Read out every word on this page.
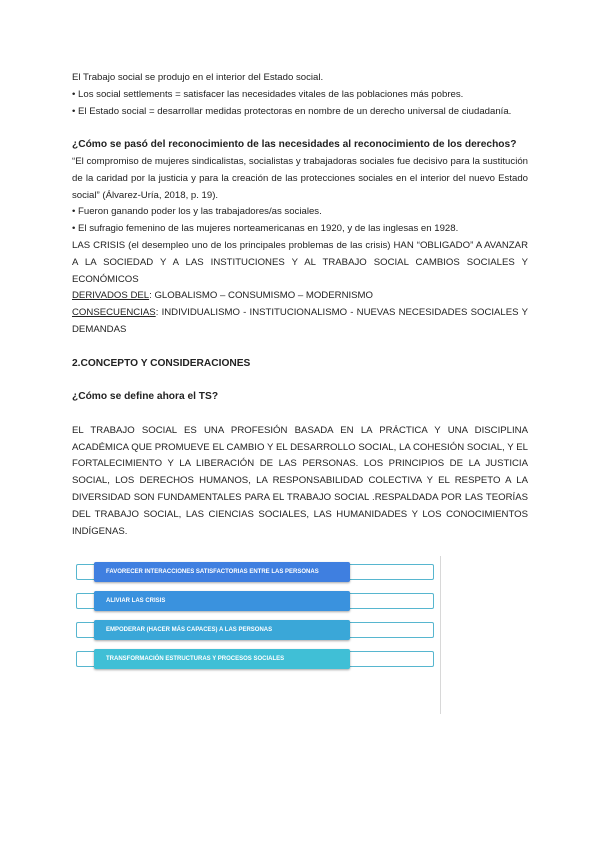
El Trabajo social se produjo en el interior del Estado social.

• Los social settlements = satisfacer las necesidades vitales de las poblaciones más pobres.

• El Estado social = desarrollar medidas protectoras en nombre de un derecho universal de ciudadanía.

¿Cómo se pasó del reconocimiento de las necesidades al reconocimiento de los derechos?

“El compromiso de mujeres sindicalistas, socialistas y trabajadoras sociales fue decisivo para la sustitución de la caridad por la justicia y para la creación de las protecciones sociales en el interior del nuevo Estado social” (Álvarez-Uría, 2018, p. 19).

• Fueron ganando poder los y las trabajadores/as sociales.

• El sufragio femenino de las mujeres norteamericanas en 1920, y de las inglesas en 1928.

LAS CRISIS (el desempleo uno de los principales problemas de las crisis) HAN “OBLIGADO” A AVANZAR A LA SOCIEDAD Y A LAS INSTITUCIONES Y AL TRABAJO SOCIAL CAMBIOS SOCIALES Y ECONÓMICOS

DERIVADOS DEL: GLOBALISMO – CONSUMISMO – MODERNISMO

CONSECUENCIAS: INDIVIDUALISMO - INSTITUCIONALISMO - NUEVAS NECESIDADES SOCIALES Y DEMANDAS

2.CONCEPTO Y CONSIDERACIONES

¿Cómo se define ahora el TS?

EL TRABAJO SOCIAL ES UNA PROFESIÓN BASADA EN LA PRÁCTICA Y UNA DISCIPLINA ACADÉMICA QUE PROMUEVE EL CAMBIO Y EL DESARROLLO SOCIAL, LA COHESIÓN SOCIAL, Y EL FORTALECIMIENTO Y LA LIBERACIÓN DE LAS PERSONAS. LOS PRINCIPIOS DE LA JUSTICIA SOCIAL, LOS DERECHOS HUMANOS, LA RESPONSABILIDAD COLECTIVA Y EL RESPETO A LA DIVERSIDAD SON FUNDAMENTALES PARA EL TRABAJO SOCIAL .RESPALDADA POR LAS TEORÍAS DEL TRABAJO SOCIAL, LAS CIENCIAS SOCIALES, LAS HUMANIDADES Y LOS CONOCIMIENTOS INDÍGENAS.

FAVORECER INTERACCIONES SATISFACTORIAS ENTRE LAS PERSONAS
ALIVIAR LAS CRISIS
EMPODERAR (HACER MÁS CAPACES) A LAS PERSONAS
TRANSFORMACIÓN ESTRUCTURAS Y PROCESOS SOCIALES
